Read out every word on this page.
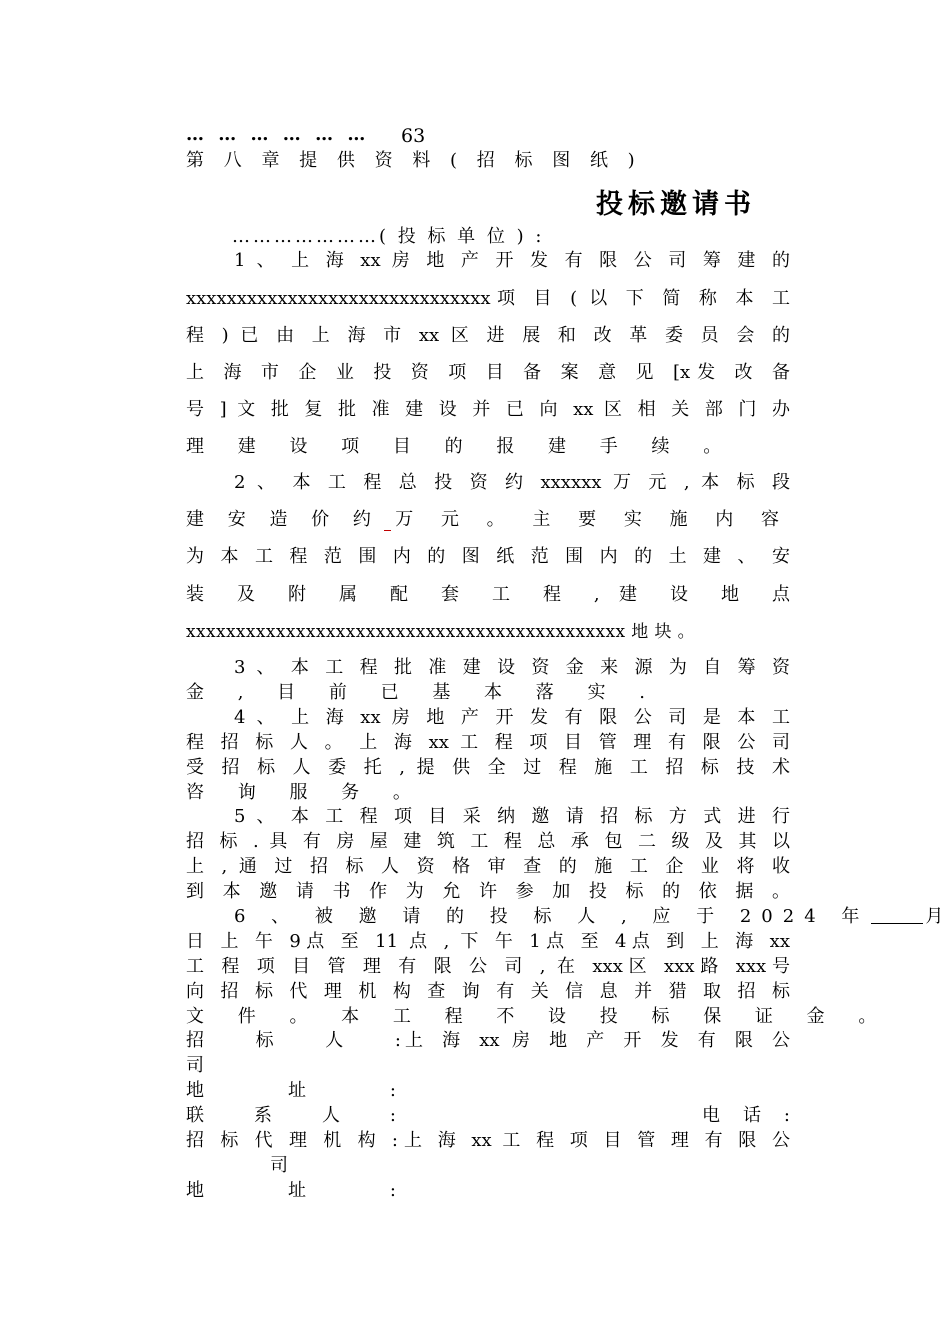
… … … … … … 63
第 八 章 提 供 资 料 ( 招 标 图 纸 )
投标邀请书
…………………( 投 标 单 位 ) :
1 、 上 海 xx 房 地 产 开 发 有 限 公 司 筹 建 的
xxxxxxxxxxxxxxxxxxxxxxxxxxxxxx项 目 ( 以 下 简 称 本 工
程 ) 已 由 上 海 市 xx 区 进 展 和 改 革 委 员 会 的
上 海 市 企 业 投 资 项 目 备 案 意 见 [x发 改 备
号 ] 文 批 复 批 准 建 设 并 已 向 xx 区 相 关 部 门 办
理 建 设 项 目 的 报 建 手 续 。
2 、 本 工 程 总 投 资 约 xxxxxx 万 元 , 本 标 段
建 安 造 价 约 万 元 。 主 要 实 施 内 容
为 本 工 程 范 围 内 的 图 纸 范 围 内 的 土 建 、 安
装 及 附 属 配 套 工 程 , 建 设 地 点
xxxxxxxxxxxxxxxxxxxxxxxxxxxxxxxxxxxxxxxxxxxx 地 块 。
3 、 本 工 程 批 准 建 设 资 金 来 源 为 自 筹 资
金 , 目 前 已 基 本 落 实 .
4 、 上 海 xx 房 地 产 开 发 有 限 公 司 是 本 工
程 招 标 人 。 上 海 xx 工 程 项 目 管 理 有 限 公 司
受 招 标 人 委 托 , 提 供 全 过 程 施 工 招 标 技 术
咨 询 服 务 。
5 、 本 工 程 项 目 采 纳 邀 请 招 标 方 式 进 行
招 标 . 具 有 房 屋 建 筑 工 程 总 承 包 二 级 及 其 以
上 , 通 过 招 标 人 资 格 审 查 的 施 工 企 业 将 收
到 本 邀 请 书 作 为 允 许 参 加 投 标 的 依 据 。
6 、 被 邀 请 的 投 标 人 , 应 于 2024 年	月
日 上 午 9点 至 11 点 , 下 午 1点 至 4点 到 上 海 xx
工 程 项 目 管 理 有 限 公 司 , 在 xxx区 xxx路 xxx号
向 招 标 代 理 机 构 查 询 有 关 信 息 并 猎 取 招 标
文 件 。 本 工 程 不 设 投 标 保 证 金 。
招 标 人 : 上 海 xx 房 地 产 开 发 有 限 公
司
地 址 :
联 系 人 :	电 话 :
招 标 代 理 机 构 : 上 海 xx 工 程 项 目 管 理 有 限 公
司
地 址 :
